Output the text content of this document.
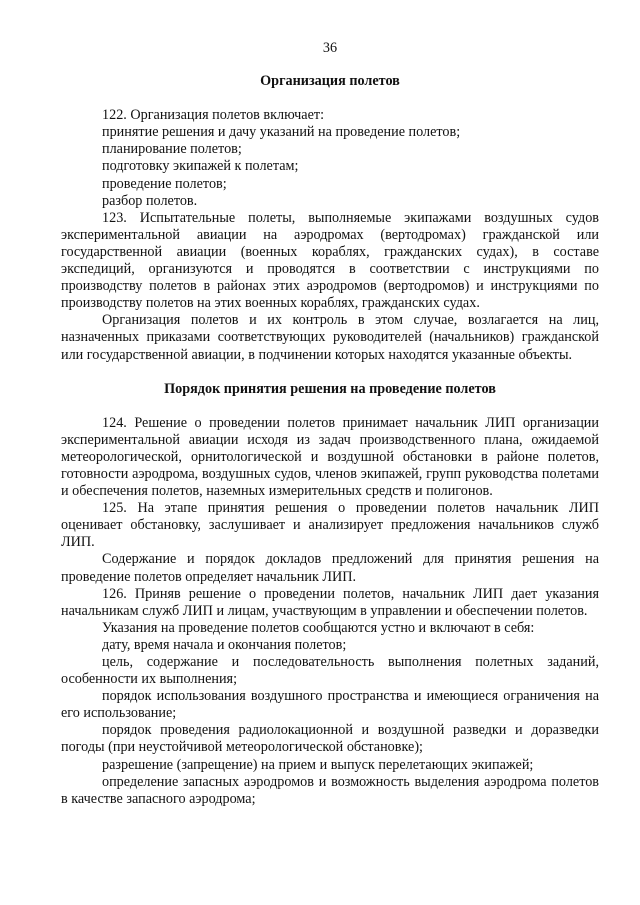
36
Организация полетов

122. Организация полетов включает:

принятие решения и дачу указаний на проведение полетов;

планирование полетов;

подготовку экипажей к полетам;

проведение полетов;

разбор полетов.

123. Испытательные полеты, выполняемые экипажами воздушных судов экспериментальной авиации на аэродромах (вертодромах) гражданской или государственной авиации (военных кораблях, гражданских судах), в составе экспедиций, организуются и проводятся в соответствии с инструкциями по производству полетов в районах этих аэродромов (вертодромов) и инструкциями по производству полетов на этих военных кораблях, гражданских судах.

Организация полетов и их контроль в этом случае, возлагается на лиц, назначенных приказами соответствующих руководителей (начальников) гражданской или государственной авиации, в подчинении которых находятся указанные объекты.

Порядок принятия решения на проведение полетов

124. Решение о проведении полетов принимает начальник ЛИП организации экспериментальной авиации исходя из задач производственного плана, ожидаемой метеорологической, орнитологической и воздушной обстановки в районе полетов, готовности аэродрома, воздушных судов, членов экипажей, групп руководства полетами и обеспечения полетов, наземных измерительных средств и полигонов.

125. На этапе принятия решения о проведении полетов начальник ЛИП оценивает обстановку, заслушивает и анализирует предложения начальников служб ЛИП.

Содержание и порядок докладов предложений для принятия решения на проведение полетов определяет начальник ЛИП.

126. Приняв решение о проведении полетов, начальник ЛИП дает указания начальникам служб ЛИП и лицам, участвующим в управлении и обеспечении полетов.

Указания на проведение полетов сообщаются устно и включают в себя:

дату, время начала и окончания полетов;

цель, содержание и последовательность выполнения полетных заданий, особенности их выполнения;

порядок использования воздушного пространства и имеющиеся ограничения на его использование;

порядок проведения радиолокационной и воздушной разведки и доразведки погоды (при неустойчивой метеорологической обстановке);

разрешение (запрещение) на прием и выпуск перелетающих экипажей;

определение запасных аэродромов и возможность выделения аэродрома полетов в качестве запасного аэродрома;
